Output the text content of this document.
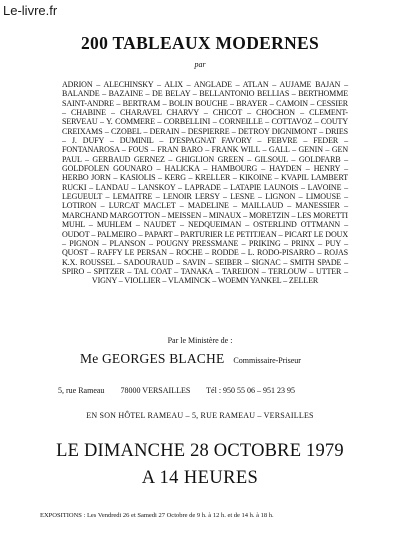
Le-livre.fr
200 TABLEAUX MODERNES
par
ADRION – ALECHINSKY – ALIX – ANGLADE – ATLAN – AUJAME BAJAN – BALANDE – BAZAINE – DE BELAY – BELLANTONIO BELLIAS – BERTHOMME SAINT-ANDRE – BERTRAM – BOLIN BOUCHE – BRAYER – CAMOIN – CESSIER – CHABINE – CHARAVEL CHARVY – CHICOT – CHOCHON – CLEMENT-SERVEAU – Y. COMMERE – CORBELLINI – CORNEILLE – COTTAVOZ – COUTY CREIXAMS – CZOBEL – DERAIN – DESPIERRE – DETROY DIGNIMONT – DRIES – J. DUFY – DUMINIL – D'ESPAGNAT FAVORY – FEBVRE – FEDER – FONTANAROSA – FOUS – FRAN BARO – FRANK WILL – GALL – GENIN – GEN PAUL – GERBAUD GERNEZ – GHIGLION GREEN – GILSOUL – GOLDFARB – GOLDFOLEN GOUNARO – HALICKA – HAMBOURG – HAYDEN – HENRY – HERBO JORN – KASIOLIS – KERG – KRELLER – KIKOINE – KVAPIL LAMBERT RUCKI – LANDAU – LANSKOY – LAPRADE – LATAPIE LAUNOIS – LAVOINE – LEGUEULT – LEMAITRE – LENOIR LERSY – LESNE – LIGNON – LIMOUSE – LOTIRON – LURCAT MACLET – MADELINE – MAILLAUD – MANESSIER – MARCHAND MARGOTTON – MEISSEN – MINAUX – MORETZIN – LES MORETTI MUHL – MUHLEM – NAUDET – NEDQUEIMAN – OSTERLIND OTTMANN – OUDOT – PALMEIRO – PAPART – PARTURIER LE PETITJEAN – PICART LE DOUX – PIGNON – PLANSON – POUGNY PRESSMANE – PRIKING – PRINX – PUY – QUOST – RAFFY LE PERSAN – ROCHE – RODDE – L. RODO-PISARRO – ROJAS K.X. ROUSSEL – SADOURAUD – SAVIN – SEIBER – SIGNAC – SMITH SPADE – SPIRO – SPITZER – TAL COAT – TANAKA – TAREIJON – TERLOUW – UTTER – VIGNY – VIOLLIER – VLAMINCK – WOEMN YANKEL – ZELLER
Par le Ministère de :
Me GEORGES BLACHE Commissaire-Priseur
5, rue Rameau 78000 VERSAILLES Tél : 950 55 06 – 951 23 95
EN SON HÔTEL RAMEAU – 5, RUE RAMEAU – VERSAILLES
LE DIMANCHE 28 OCTOBRE 1979
A 14 HEURES
EXPOSITIONS : Les Vendredi 26 et Samedi 27 Octobre de 9 h. à 12 h. et de 14 h. à 18 h.
